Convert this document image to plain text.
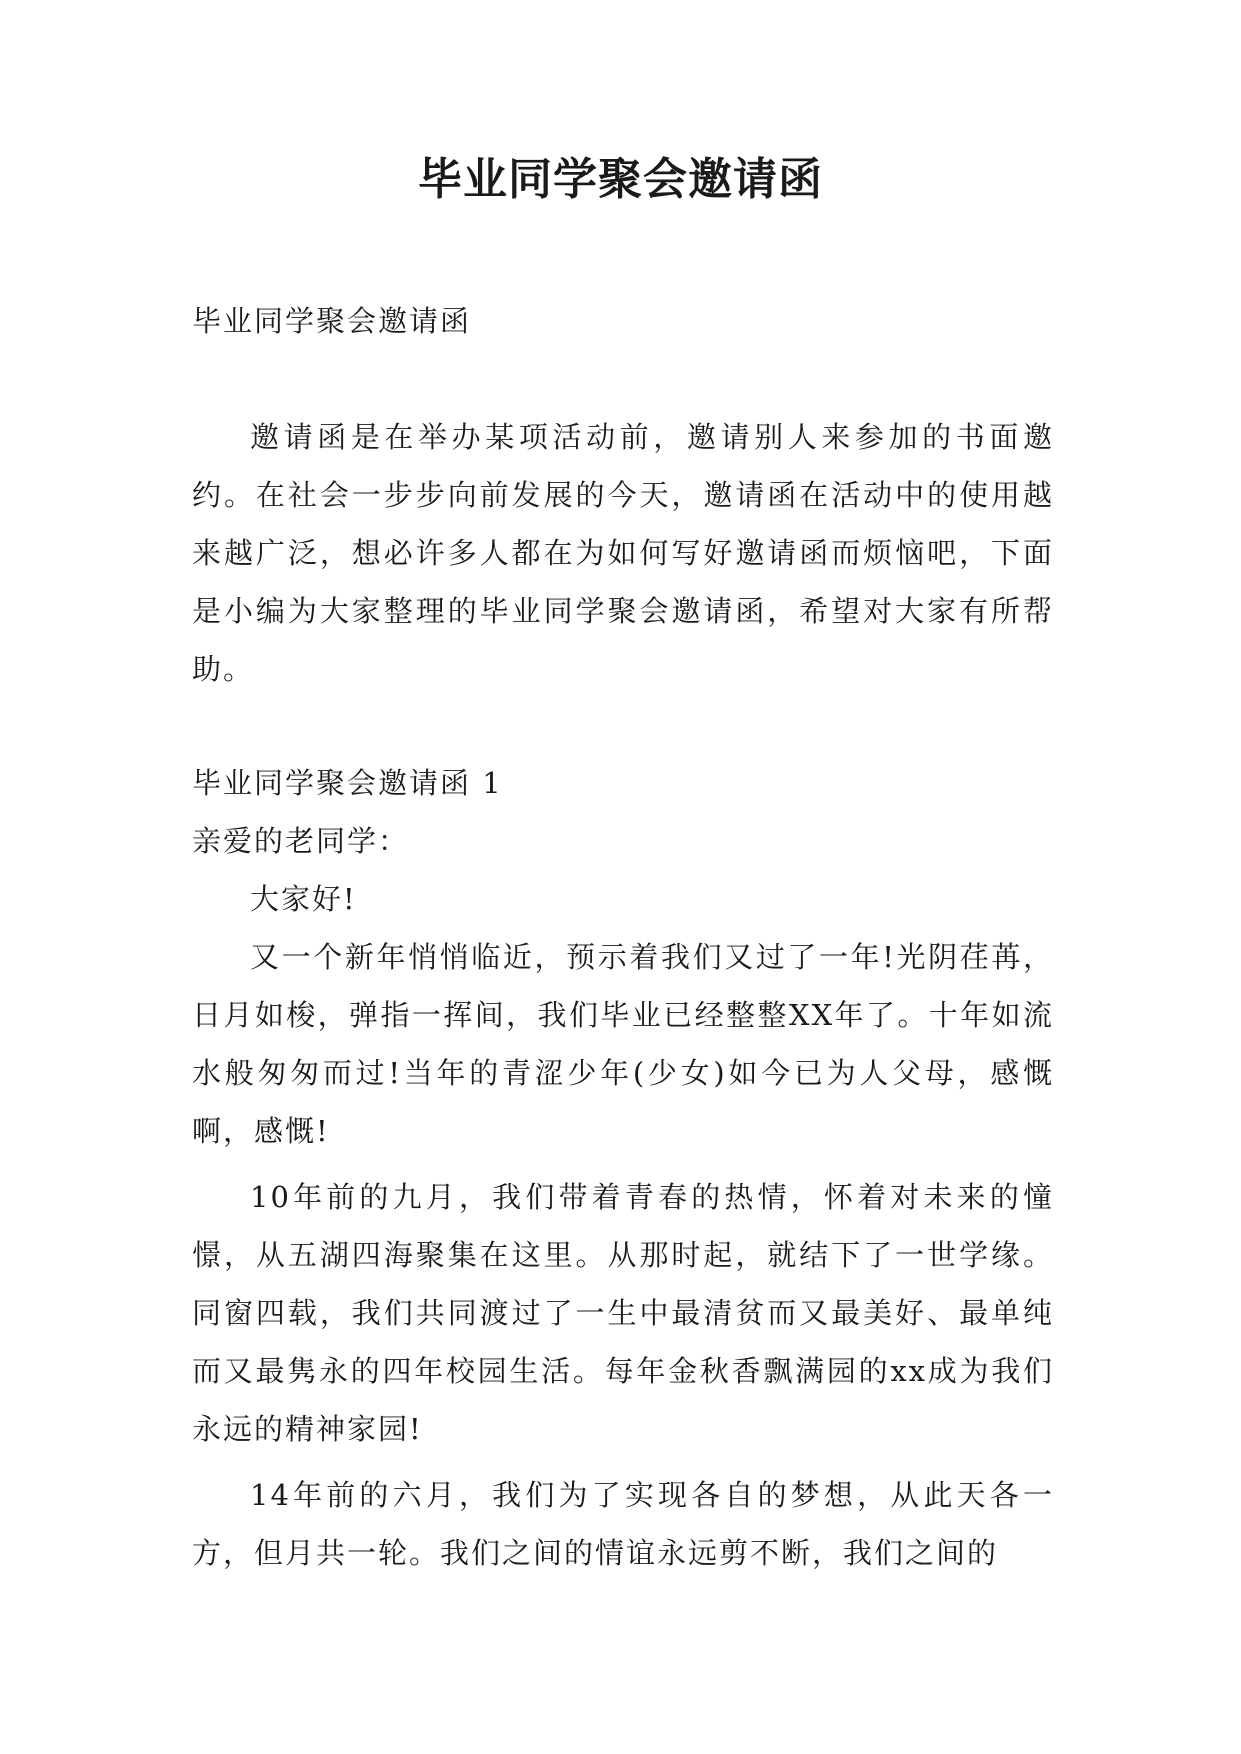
毕业同学聚会邀请函

毕业同学聚会邀请函

邀请函是在举办某项活动前，邀请别人来参加的书面邀约。在社会一步步向前发展的今天，邀请函在活动中的使用越来越广泛，想必许多人都在为如何写好邀请函而烦恼吧，下面是小编为大家整理的毕业同学聚会邀请函，希望对大家有所帮助。

毕业同学聚会邀请函 1

亲爱的老同学：

大家好!

又一个新年悄悄临近，预示着我们又过了一年!光阴荏苒，日月如梭，弹指一挥间，我们毕业已经整整XX年了。十年如流水般匆匆而过!当年的青涩少年(少女)如今已为人父母，感慨啊，感慨!

10年前的九月，我们带着青春的热情，怀着对未来的憧憬，从五湖四海聚集在这里。从那时起，就结下了一世学缘。同窗四载，我们共同渡过了一生中最清贫而又最美好、最单纯而又最隽永的四年校园生活。每年金秋香飘满园的xx成为我们永远的精神家园!

14年前的六月，我们为了实现各自的梦想，从此天各一方，但月共一轮。我们之间的情谊永远剪不断，我们之间的
